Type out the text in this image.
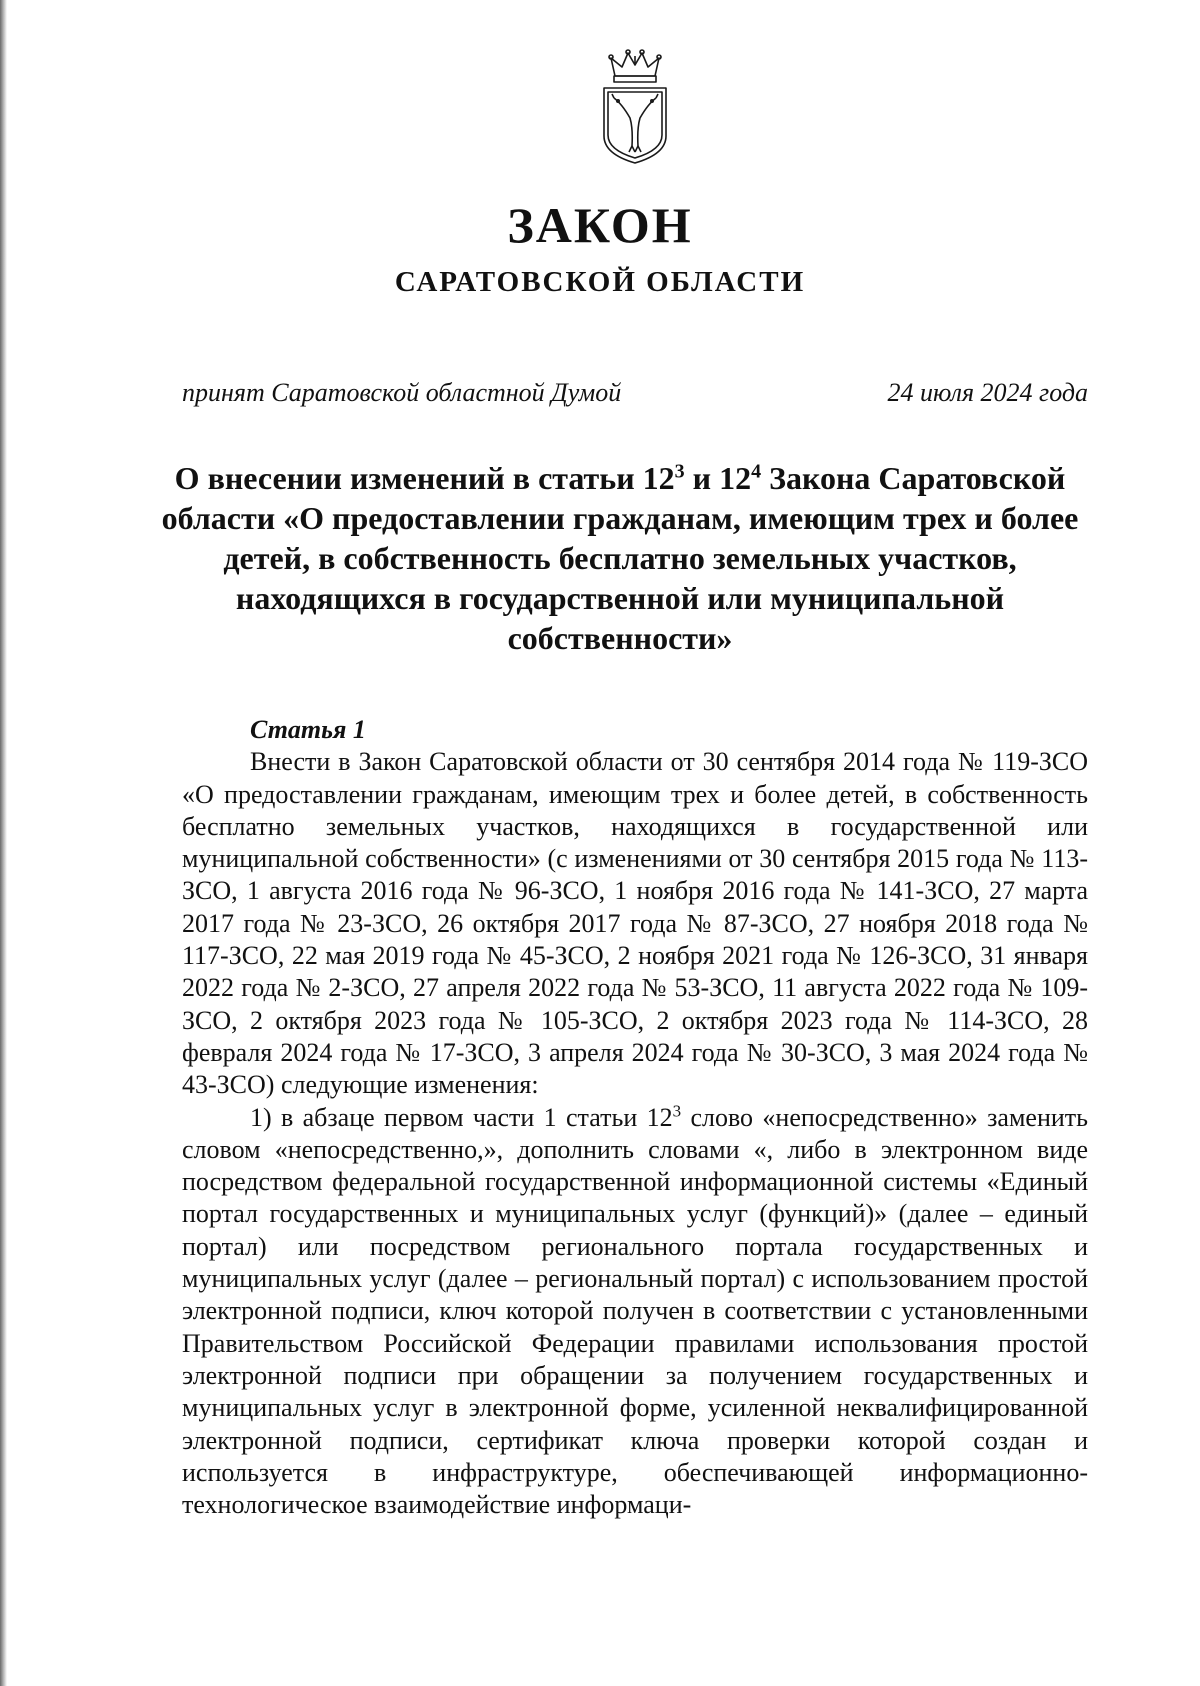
ЗАКОН
САРАТОВСКОЙ ОБЛАСТИ
принят Саратовской областной Думой	24 июля 2024 года
О внесении изменений в статьи $12^3$ и $12^4$ Закона Саратовской области «О предоставлении гражданам, имеющим трех и более детей, в собственность бесплатно земельных участков, находящихся в государственной или муниципальной собственности»
Статья 1

Внести в Закон Саратовской области от 30 сентября 2014 года № 119-ЗСО «О предоставлении гражданам, имеющим трех и более детей, в собственность бесплатно земельных участков, находящихся в государственной или муниципальной собственности» (с изменениями от 30 сентября 2015 года № 113-ЗСО, 1 августа 2016 года № 96-ЗСО, 1 ноября 2016 года № 141-ЗСО, 27 марта 2017 года № 23-ЗСО, 26 октября 2017 года № 87-ЗСО, 27 ноября 2018 года № 117-ЗСО, 22 мая 2019 года № 45-ЗСО, 2 ноября 2021 года № 126-ЗСО, 31 января 2022 года № 2-ЗСО, 27 апреля 2022 года № 53-ЗСО, 11 августа 2022 года № 109-ЗСО, 2 октября 2023 года № 105-ЗСО, 2 октября 2023 года № 114-ЗСО, 28 февраля 2024 года № 17-ЗСО, 3 апреля 2024 года № 30-ЗСО, 3 мая 2024 года № 43-ЗСО) следующие изменения:

1) в абзаце первом части 1 статьи $12^3$ слово «непосредственно» заменить словом «непосредственно,», дополнить словами «, либо в электронном виде посредством федеральной государственной информационной системы «Единый портал государственных и муниципальных услуг (функций)» (далее – единый портал) или посредством регионального портала государственных и муниципальных услуг (далее – региональный портал) с использованием простой электронной подписи, ключ которой получен в соответствии с установленными Правительством Российской Федерации правилами использования простой электронной подписи при обращении за получением государственных и муниципальных услуг в электронной форме, усиленной неквалифицированной электронной подписи, сертификат ключа проверки которой создан и используется в инфраструктуре, обеспечивающей информационно-технологическое взаимодействие информаци-
